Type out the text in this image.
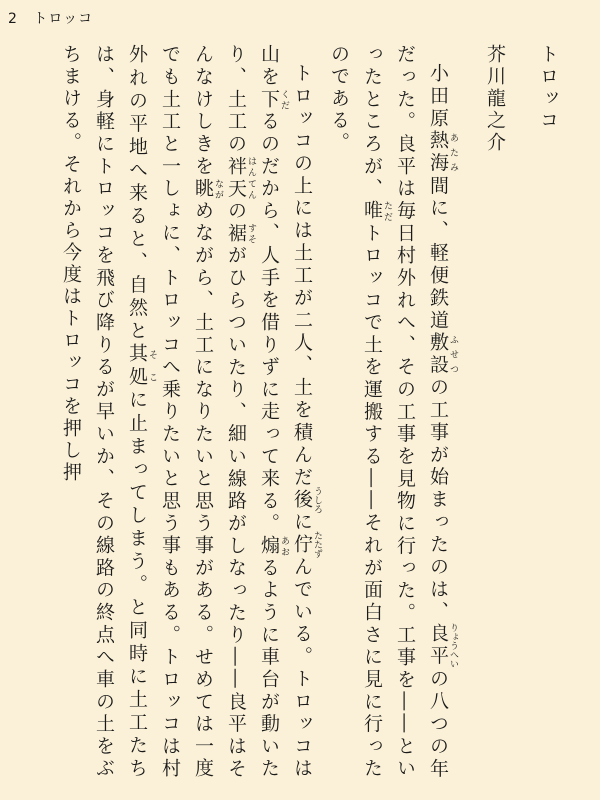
2 トロッコ

トロッコ

芥川龍之介

小田原熱海 あたみ間に、軽便鉄道敷設 ふせつの工事が始まったのは、良平 りょうへいの八つの年だった。良平は毎日村外れへ、その工事を見物に行った。工事を――といったところが、唯 ただトロッコで土を運搬する――それが面白さに見に行ったのである。

トロッコの上には土工が二人、土を積んだ後 うしろに佇 たたずんでいる。トロッコは山を下 くだるのだから、人手を借りずに走って来る。煽 あおるように車台が動いたり、土工の袢天 はんてんの裾 すそがひらついたり、細い線路がしなったり――良平はそんなけしきを眺 ながめながら、土工になりたいと思う事がある。せめては一度でも土工と一しょに、トロッコへ乗りたいと思う事もある。トロッコは村外れの平地へ来ると、自然と其処 そこに止まってしまう。と同時に土工たちは、身軽にトロッコを飛び降りるが早いか、その線路の終点へ車の土をぶちまける。それから今度はトロッコを押し押
